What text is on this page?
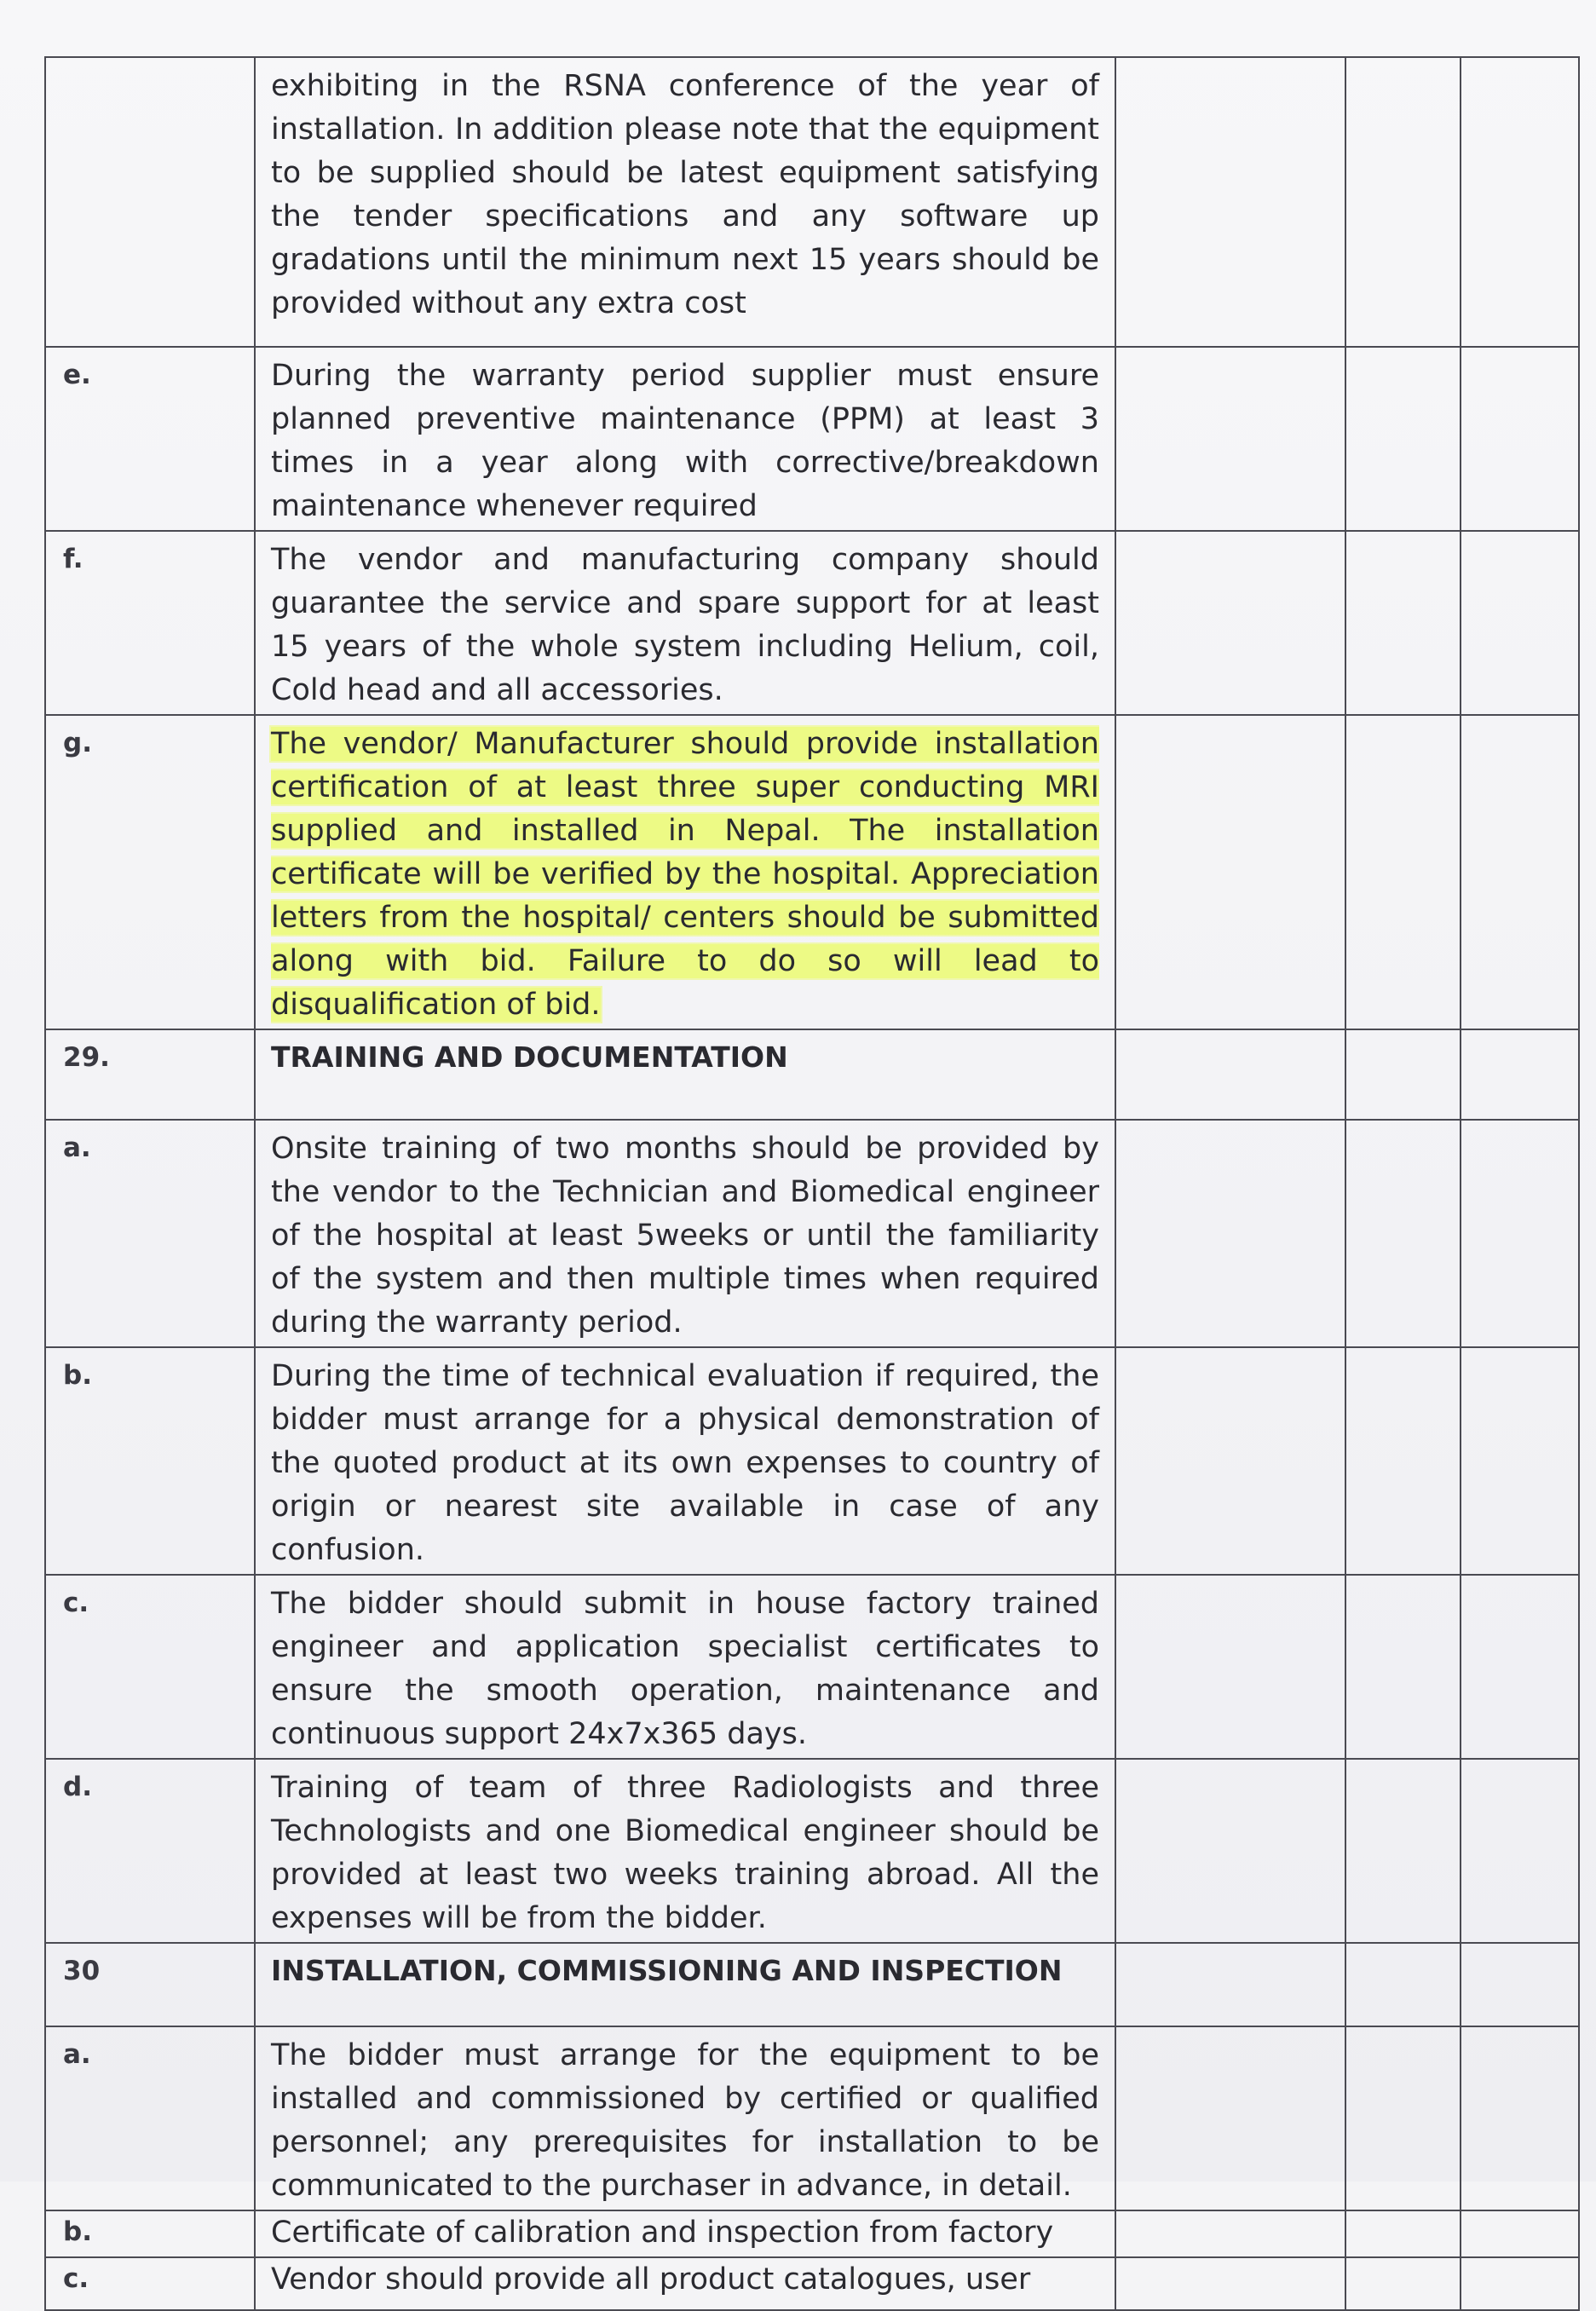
	exhibiting in the RSNA conference of the year of installation. In addition please note that the equipment to be supplied should be latest equipment satisfying the tender specifications and any software up gradations until the minimum next 15 years should be provided without any extra cost			

e.	During the warranty period supplier must ensure planned preventive maintenance (PPM) at least 3 times in a year along with corrective/breakdown maintenance whenever required			

f.	The vendor and manufacturing company should guarantee the service and spare support for at least 15 years of the whole system including Helium, coil, Cold head and all accessories.			

g.	The vendor/ Manufacturer should provide installation certification of at least three super conducting MRI supplied and installed in Nepal. The installation certificate will be verified by the hospital. Appreciation letters from the hospital/ centers should be submitted along with bid. Failure to do so will lead to disqualification of bid.			

29.	TRAINING AND DOCUMENTATION			

a.	Onsite training of two months should be provided by the vendor to the Technician and Biomedical engineer of the hospital at least 5weeks or until the familiarity of the system and then multiple times when required during the warranty period.			

b.	During the time of technical evaluation if required, the bidder must arrange for a physical demonstration of the quoted product at its own expenses to country of origin or nearest site available in case of any confusion.			

c.	The bidder should submit in house factory trained engineer and application specialist certificates to ensure the smooth operation, maintenance and continuous support 24x7x365 days.			

d.	Training of team of three Radiologists and three Technologists and one Biomedical engineer should be provided at least two weeks training abroad. All the expenses will be from the bidder.			

30	INSTALLATION, COMMISSIONING AND INSPECTION			

a.	The bidder must arrange for the equipment to be installed and commissioned by certified or qualified personnel; any prerequisites for installation to be communicated to the purchaser in advance, in detail.			

b.	Certificate of calibration and inspection from factory			

c.	Vendor should provide all product catalogues, user			
